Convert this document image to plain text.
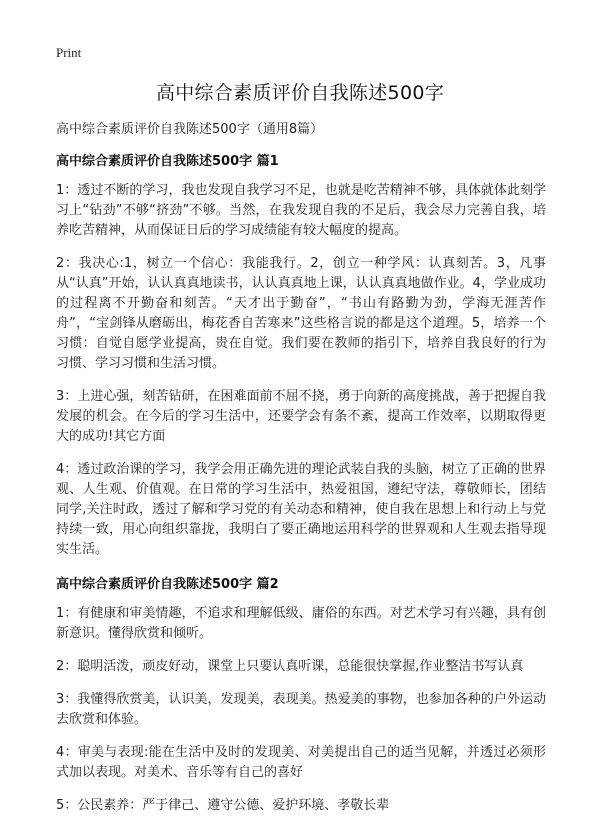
Print
高中综合素质评价自我陈述500字

高中综合素质评价自我陈述500字（通用8篇）

高中综合素质评价自我陈述500字 篇1

1：透过不断的学习，我也发现自我学习不足，也就是吃苦精神不够，具体就体此刻学习上“钻劲”不够“挤劲”不够。当然，在我发现自我的不足后，我会尽力完善自我，培养吃苦精神，从而保证日后的学习成绩能有较大幅度的提高。

2：我决心:1，树立一个信心：我能我行。2，创立一种学风：认真刻苦。3，凡事从“认真”开始，认认真真地读书，认认真真地上课，认认真真地做作业。4，学业成功的过程离不开勤奋和刻苦。“天才出于勤奋”，“书山有路勤为劲，学海无涯苦作舟”，“宝剑锋从磨砺出，梅花香自苦寒来”这些格言说的都是这个道理。5，培养一个习惯：自觉自愿学业提高，贵在自觉。我们要在教师的指引下，培养自我良好的行为习惯、学习习惯和生活习惯。

3：上进心强，刻苦钻研，在困难面前不屈不挠，勇于向新的高度挑战，善于把握自我发展的机会。在今后的学习生活中，还要学会有条不紊，提高工作效率，以期取得更大的成功!其它方面

4：透过政治课的学习，我学会用正确先进的理论武装自我的头脑，树立了正确的世界观、人生观、价值观。在日常的学习生活中，热爱祖国，遵纪守法，尊敬师长，团结同学,关注时政，透过了解和学习党的有关动态和精神，使自我在思想上和行动上与党持续一致，用心向组织靠拢，我明白了要正确地运用科学的世界观和人生观去指导现实生活。

高中综合素质评价自我陈述500字 篇2

1：有健康和审美情趣，不追求和理解低级、庸俗的东西。对艺术学习有兴趣，具有创新意识。懂得欣赏和倾听。

2：聪明活泼，顽皮好动，课堂上只要认真听课，总能很快掌握,作业整洁书写认真

3：我懂得欣赏美，认识美，发现美，表现美。热爱美的事物，也参加各种的户外运动去欣赏和体验。

4：审美与表现:能在生活中及时的发现美、对美提出自己的适当见解，并透过必须形式加以表现。对美术、音乐等有自己的喜好

5：公民素养：严于律己、遵守公德、爱护环境、孝敬长辈
